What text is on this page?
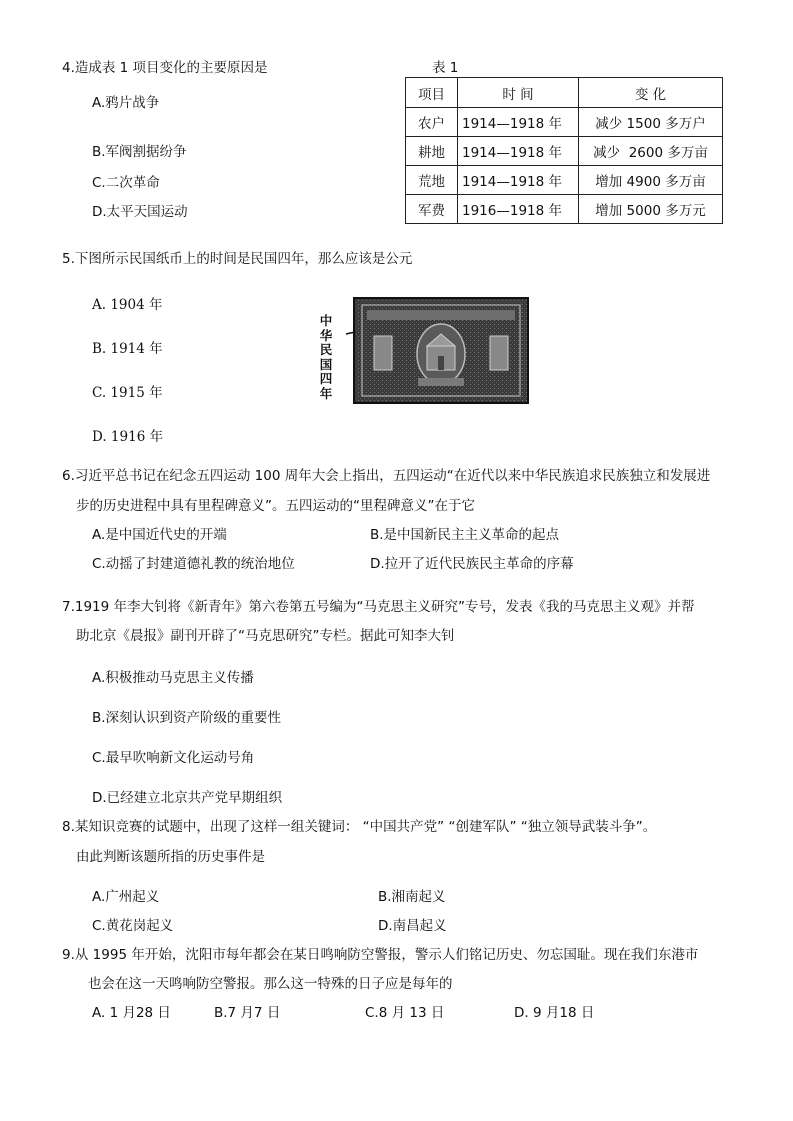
4.造成表 1 项目变化的主要原因是
A.鸦片战争
B.军阀割据纷争
C.二次革命
D.太平天国运动
表 1
项目	时 间	变 化
农户	1914—1918 年	减少 1500 多万户
耕地	1914—1918 年	减少  2600 多万亩
荒地	1914—1918 年	增加 4900 多万亩
军费	1916—1918 年	增加 5000 多万元
5.下图所示民国纸币上的时间是民国四年，那么应该是公元
A. 1904 年
B. 1914 年
C. 1915 年
D. 1916 年
中华民国四年
6.习近平总书记在纪念五四运动 100 周年大会上指出，五四运动“在近代以来中华民族追求民族独立和发展进
步的历史进程中具有里程碑意义”。五四运动的“里程碑意义”在于它
A.是中国近代史的开端	B.是中国新民主主义革命的起点
C.动摇了封建道德礼教的统治地位	D.拉开了近代民族民主革命的序幕
7.1919 年李大钊将《新青年》第六卷第五号编为“马克思主义研究”专号，发表《我的马克思主义观》并帮
助北京《晨报》副刊开辟了“马克思研究”专栏。据此可知李大钊
A.积极推动马克思主义传播
B.深刻认识到资产阶级的重要性
C.最早吹响新文化运动号角
D.已经建立北京共产党早期组织
8.某知识竞赛的试题中，出现了这样一组关键词： “中国共产党” “创建军队” “独立领导武装斗争”。
由此判断该题所指的历史事件是
A.广州起义	B.湘南起义
C.黄花岗起义	D.南昌起义
9.从 1995 年开始，沈阳市每年都会在某日鸣响防空警报，警示人们铭记历史、勿忘国耻。现在我们东港市
也会在这一天鸣响防空警报。那么这一特殊的日子应是每年的
A. 1 月28 日	B.7 月7 日	C.8 月 13 日	D. 9 月18 日
